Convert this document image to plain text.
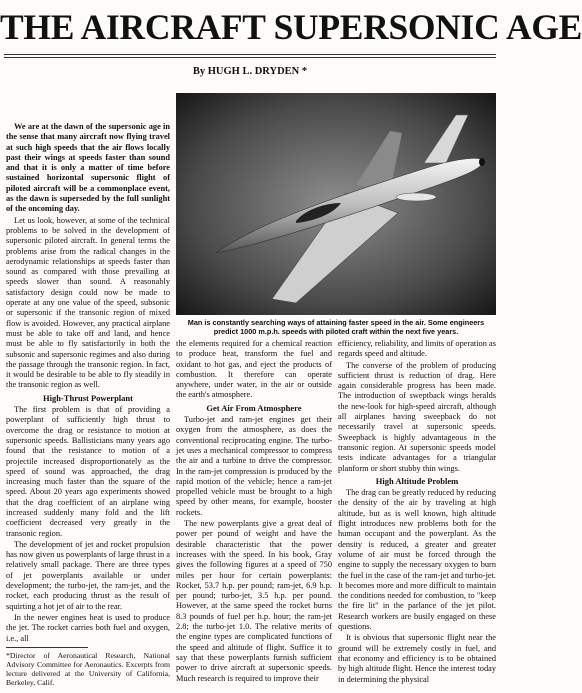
THE AIRCRAFT SUPERSONIC AGE
By HUGH L. DRYDEN *

We are at the dawn of the supersonic age in the sense that many aircraft now flying travel at such high speeds that the air flows locally past their wings at speeds faster than sound and that it is only a matter of time before sustained horizontal supersonic flight of piloted aircraft will be a commonplace event, as the dawn is superseded by the full sunlight of the oncoming day.

Let us look, however, at some of the technical problems to be solved in the development of supersonic piloted aircraft. In general terms the problems arise from the radical changes in the aerodynamic relationships at speeds faster than sound as compared with those prevailing at speeds slower than sound. A reasonably satisfactory design could now be made to operate at any one value of the speed, subsonic or supersonic if the transonic region of mixed flow is avoided. However, any practical airplane must be able to take off and land, and hence must be able to fly satisfactorily in both the subsonic and supersonic regimes and also during the passage through the transonic region. In fact, it would be desirable to be able to fly steadily in the transonic region as well.

High-Thrust Powerplant

The first problem is that of providing a powerplant of sufficiently high thrust to overcome the drag or resistance to motion at supersonic speeds. Ballisticians many years ago found that the resistance to motion of a projectile increased disproportionately as the speed of sound was approached, the drag increasing much faster than the square of the speed. About 20 years ago experiments showed that the drag coefficient of an airplane wing increased suddenly many fold and the lift coefficient decreased very greatly in the transonic region.

The development of jet and rocket propulsion has now given us powerplants of large thrust in a relatively small package. There are three types of jet powerplants available or under development; the turbo-jet, the ram-jet, and the rocket, each producing thrust as the result of squirting a hot jet of air to the rear.

In the newer engines heat is used to produce the jet. The rocket carries both fuel and oxygen, i.e., all

*Director of Aeronautical Research, National Advisory Committee for Aeronautics. Excerpts from lecture delivered at the University of California, Berkeley, Calif.

Man is constantly searching ways of attaining faster speed in the air. Some engineers
predict 1000 m.p.h. speeds with piloted craft within the next five years.

the elements required for a chemical reaction to produce heat, transform the fuel and oxidant to hot gas, and eject the products of combustion. It therefore can operate anywhere, under water, in the air or outside the earth's atmosphere.

Get Air From Atmosphere

Turbo-jet and ram-jet engines get their oxygen from the atmosphere, as does the conventional reciprocating engine. The turbo-jet uses a mechanical compressor to compress the air and a turbine to drive the compressor. In the ram-jet compression is produced by the rapid motion of the vehicle; hence a ram-jet propelled vehicle must be brought to a high speed by other means, for example, booster rockets.

The new powerplants give a great deal of power per pound of weight and have the desirable characteristic that the power increases with the speed. In his book, Gray gives the following figures at a speed of 750 miles per hour for certain powerplants: Rocket, 53.7 h.p. per pound; ram-jet, 6.9 h.p. per pound; turbo-jet, 3.5 h.p. per pound. However, at the same speed the rocket burns 8.3 pounds of fuel per h.p. hour; the ram-jet 2.8; the turbo-jet 1.0. The relative merits of the engine types are complicated functions of the speed and altitude of flight. Suffice it to say that these powerplants furnish sufficient power to drive aircraft at supersonic speeds. Much research is required to improve their

efficiency, reliability, and limits of operation as regards speed and altitude.

The converse of the problem of producing sufficient thrust is reduction of drag. Here again considerable progress has been made. The introduction of sweptback wings heralds the new-look for high-speed aircraft, although all airplanes having sweepback do not necessarily travel at supersonic speeds. Sweepback is highly advantageous in the transonic region. At supersonic speeds model tests indicate advantages for a triangular planform or short stubby thin wings.

High Altitude Problem

The drag can be greatly reduced by reducing the density of the air by traveling at high altitude, but as is well known, high altitude flight introduces new problems both for the human occupant and the powerplant. As the density is reduced, a greater and greater volume of air must be forced through the engine to supply the necessary oxygen to burn the fuel in the case of the ram-jet and turbo-jet. It becomes more and more difficult to maintain the conditions needed for combustion, to "keep the fire lit" in the parlance of the jet pilot. Research workers are busily engaged on these questions.

It is obvious that supersonic flight near the ground will be extremely costly in fuel, and that economy and efficiency is to be obtained by high altitude flight. Hence the interest today in determining the physical
